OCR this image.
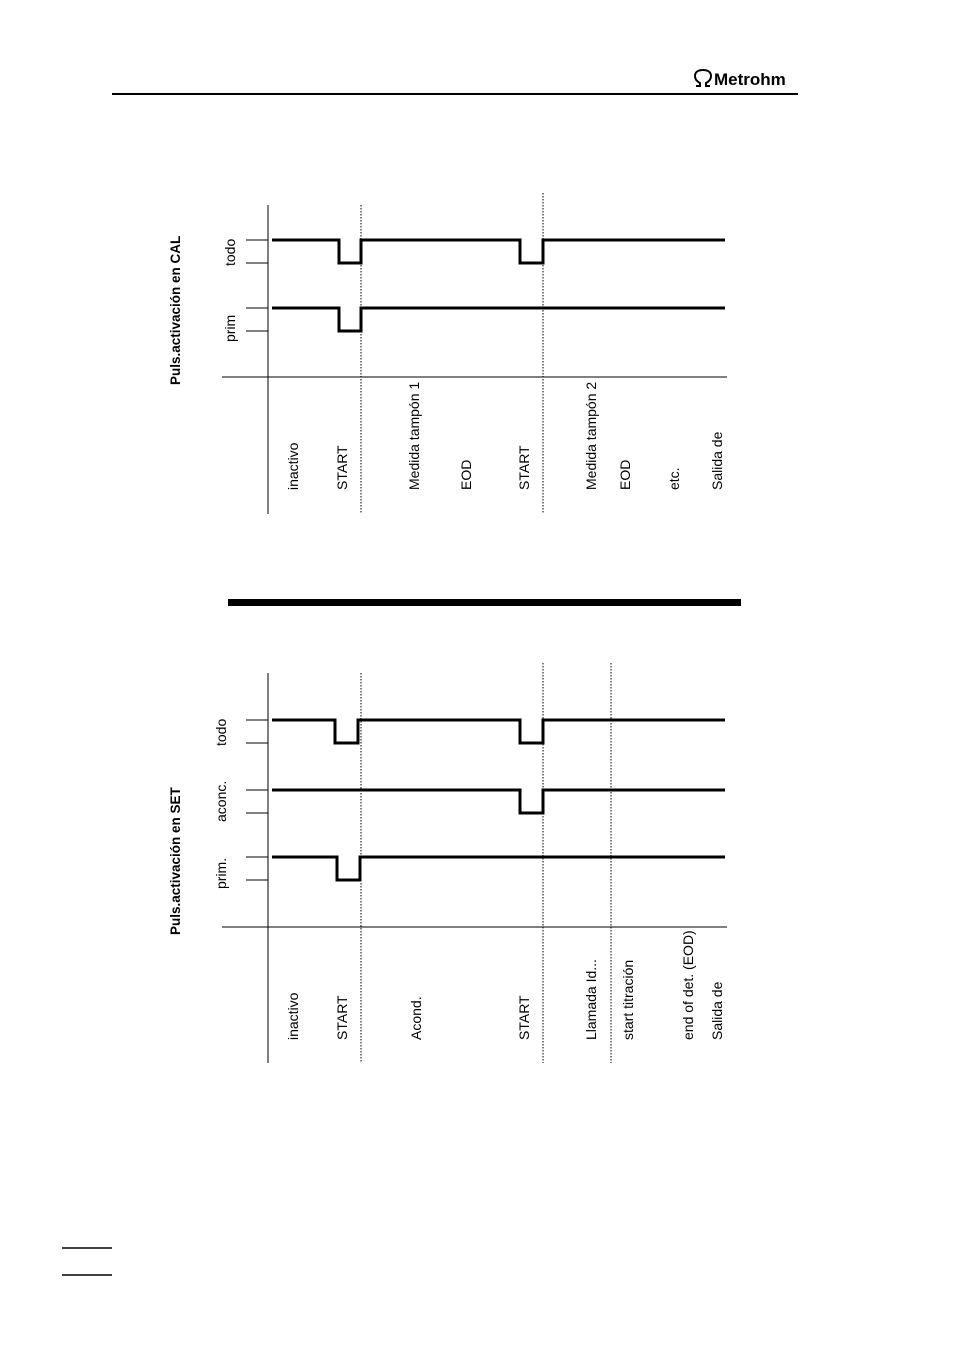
Metrohm
Puls.activación en CAL	todo
prim
inactivo START	Medida tampón 1	EOD	START	Medida tampón 2 EOD etc. Salida de
Puls.activación en SET
todo
aconc.
prim.
inactivo START	Acond.	START	Llamada Id... start titración	end of det. (EOD) Salida de
